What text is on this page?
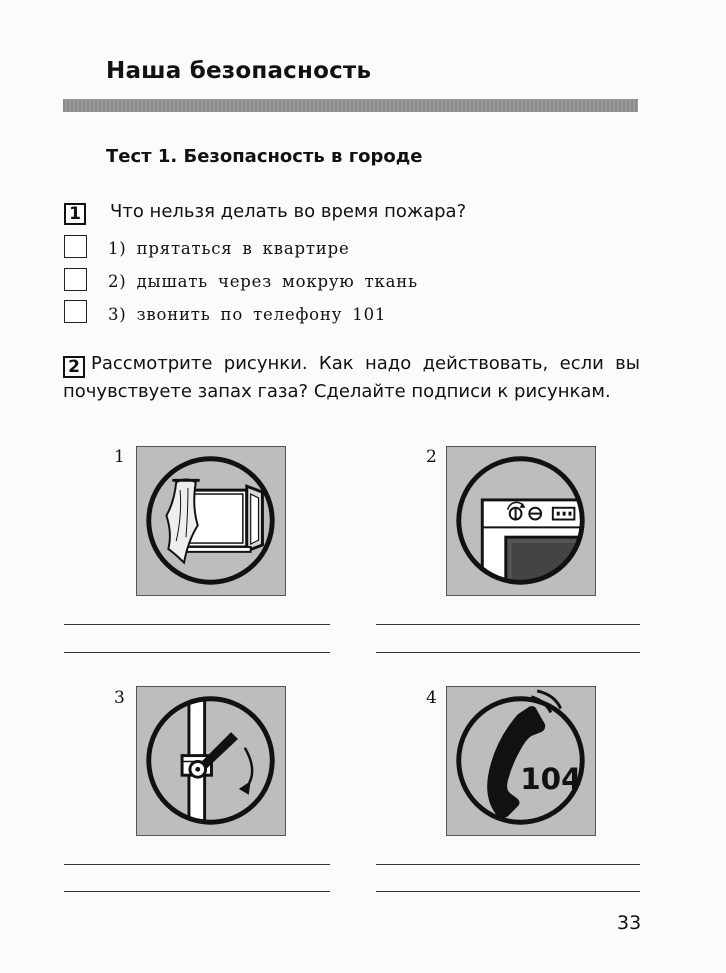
Наша безопасность
Тест 1. Безопасность в городе
1 Что нельзя делать во время пожара?
1) прятаться в квартире
2) дышать через мокрую ткань
3) звонить по телефону 101
2 Рассмотрите рисунки. Как надо действовать, если вы почувствуете запах газа? Сделайте подписи к рисункам.
1	2
3	4
104
33
